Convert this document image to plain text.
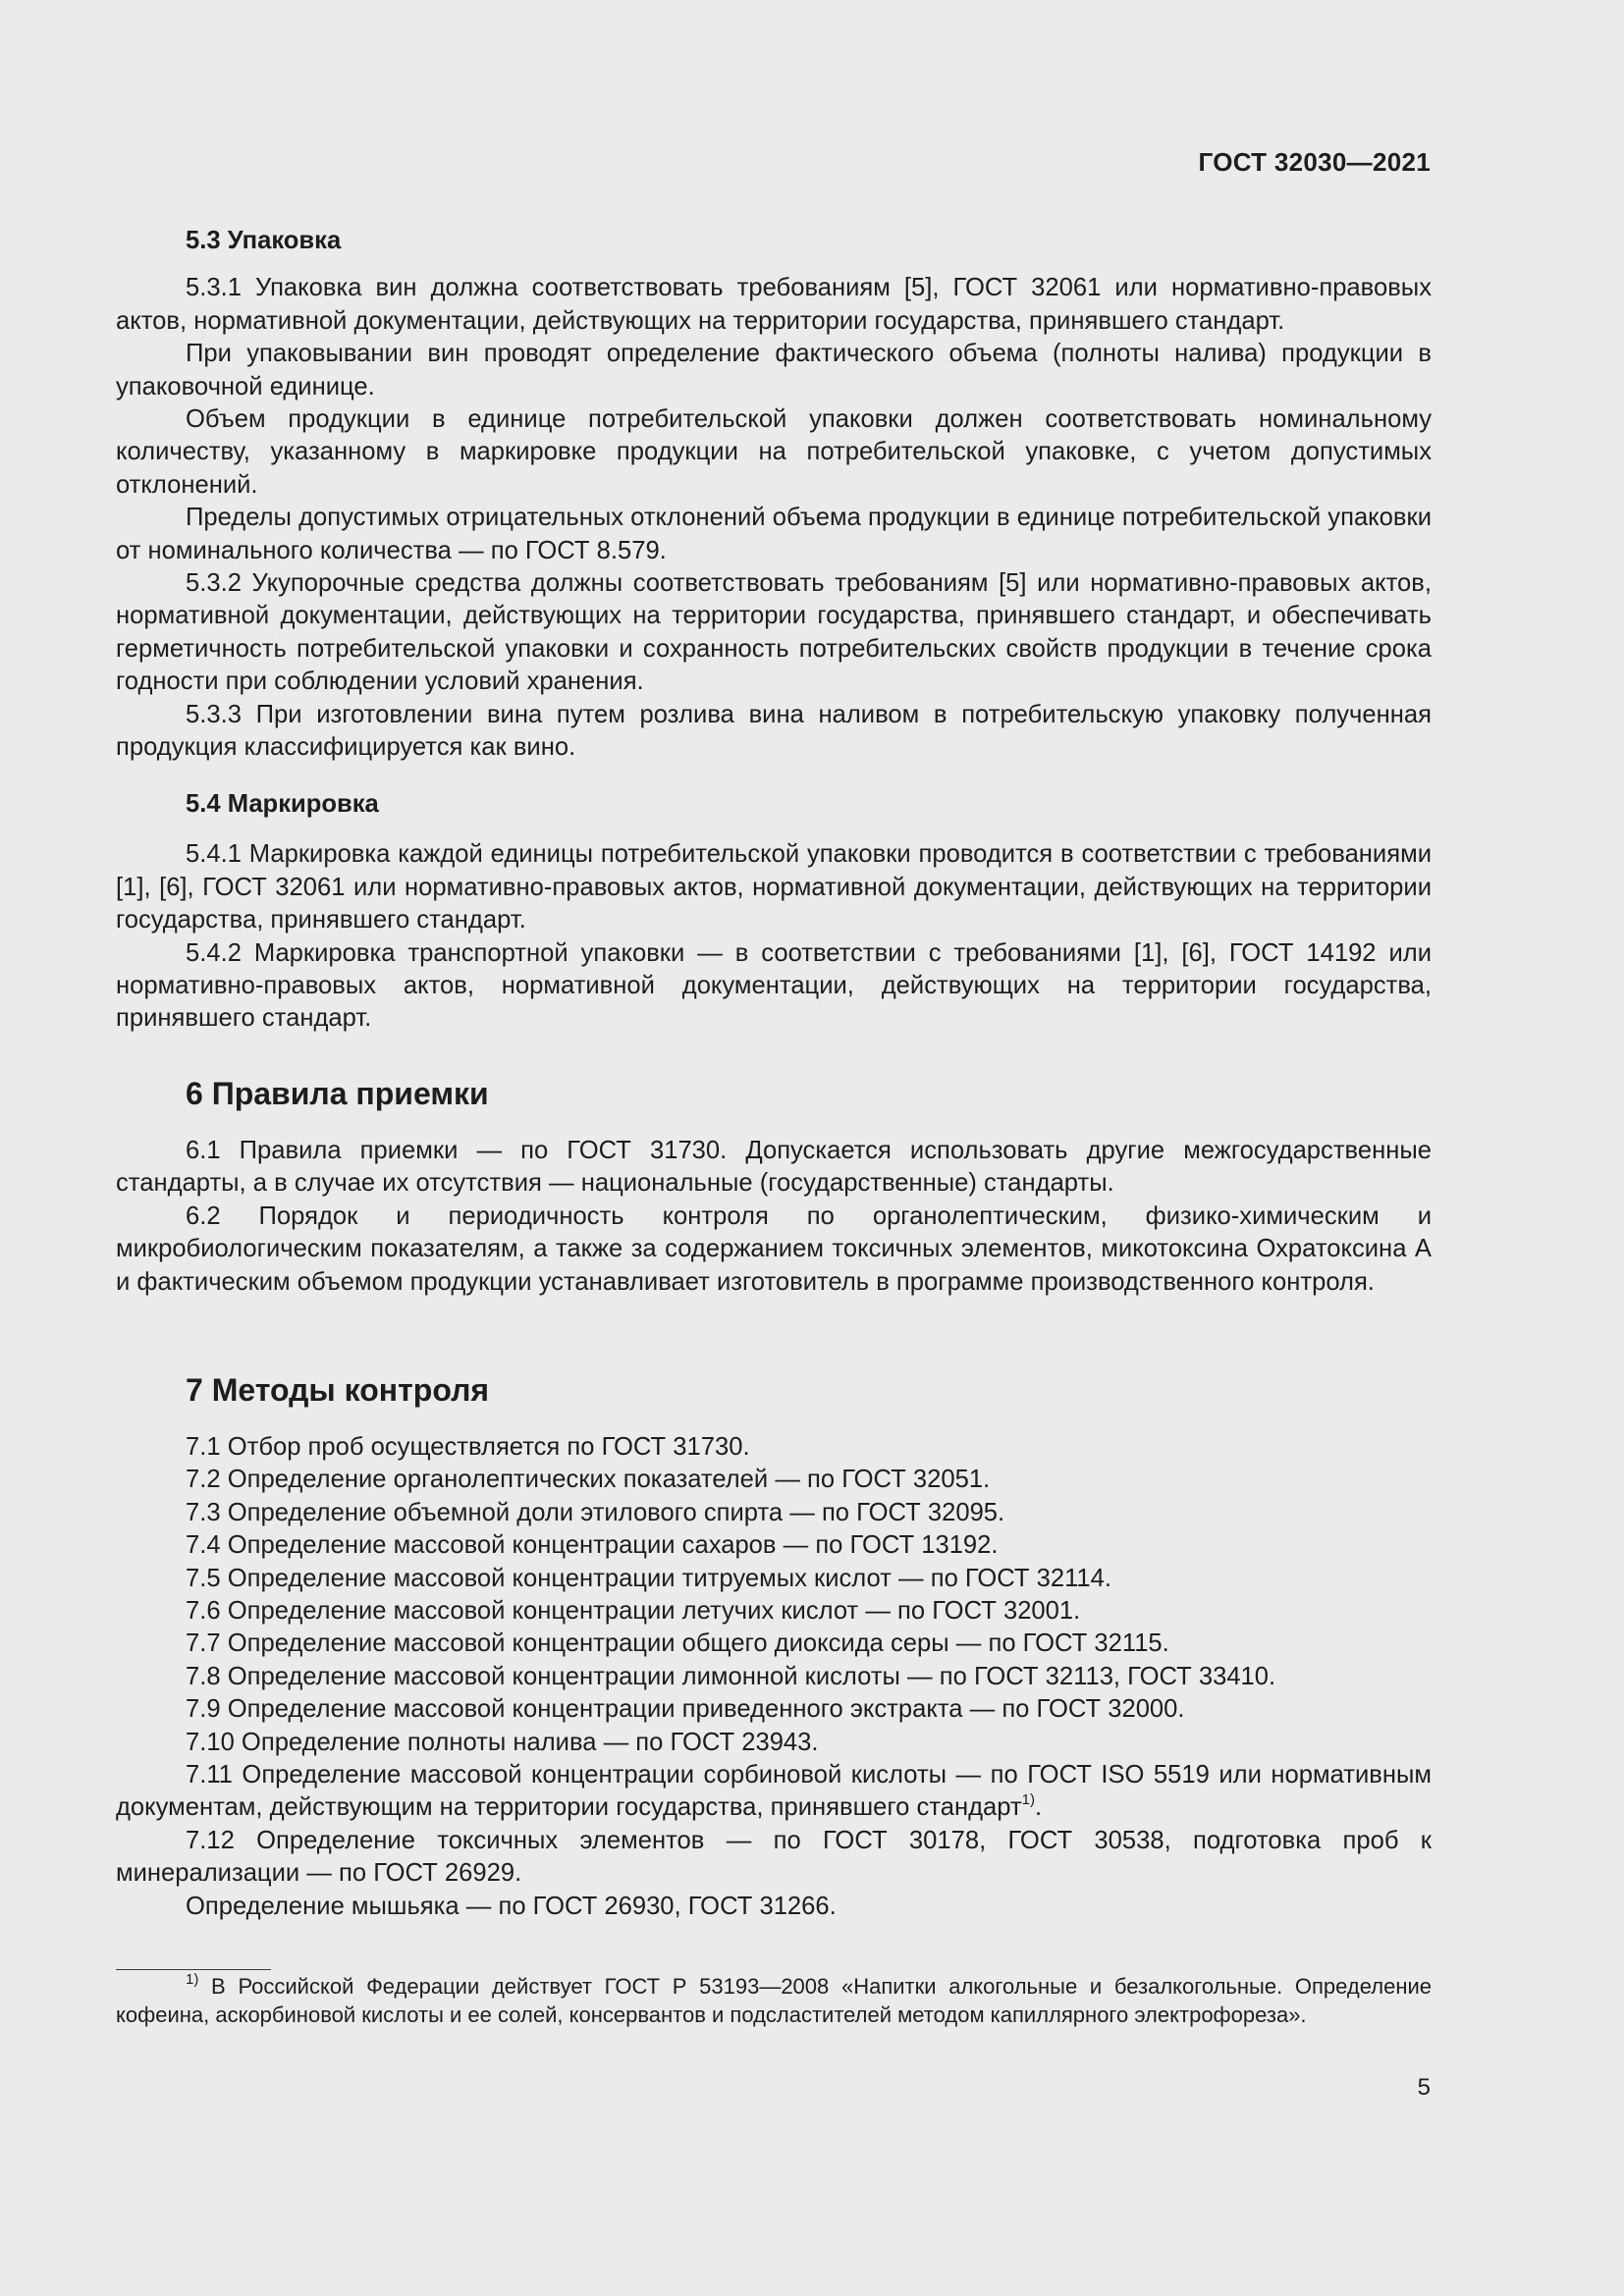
ГОСТ 32030—2021

5.3 Упаковка

5.3.1 Упаковка вин должна соответствовать требованиям [5], ГОСТ 32061 или нормативно-правовых актов, нормативной документации, действующих на территории государства, принявшего стандарт.

При упаковывании вин проводят определение фактического объема (полноты налива) продукции в упаковочной единице.

Объем продукции в единице потребительской упаковки должен соответствовать номинальному количеству, указанному в маркировке продукции на потребительской упаковке, с учетом допустимых отклонений.

Пределы допустимых отрицательных отклонений объема продукции в единице потребительской упаковки от номинального количества — по ГОСТ 8.579.

5.3.2 Укупорочные средства должны соответствовать требованиям [5] или нормативно-правовых актов, нормативной документации, действующих на территории государства, принявшего стандарт, и обеспечивать герметичность потребительской упаковки и сохранность потребительских свойств продукции в течение срока годности при соблюдении условий хранения.

5.3.3 При изготовлении вина путем розлива вина наливом в потребительскую упаковку полученная продукция классифицируется как вино.

5.4 Маркировка

5.4.1 Маркировка каждой единицы потребительской упаковки проводится в соответствии с требованиями [1], [6], ГОСТ 32061 или нормативно-правовых актов, нормативной документации, действующих на территории государства, принявшего стандарт.

5.4.2 Маркировка транспортной упаковки — в соответствии с требованиями [1], [6], ГОСТ 14192 или нормативно-правовых актов, нормативной документации, действующих на территории государства, принявшего стандарт.

6 Правила приемки

6.1 Правила приемки — по ГОСТ 31730. Допускается использовать другие межгосударственные стандарты, а в случае их отсутствия — национальные (государственные) стандарты.

6.2 Порядок и периодичность контроля по органолептическим, физико-химическим и микробиологическим показателям, а также за содержанием токсичных элементов, микотоксина Охратоксина А и фактическим объемом продукции устанавливает изготовитель в программе производственного контроля.

7 Методы контроля

7.1 Отбор проб осуществляется по ГОСТ 31730.

7.2 Определение органолептических показателей — по ГОСТ 32051.

7.3 Определение объемной доли этилового спирта — по ГОСТ 32095.

7.4 Определение массовой концентрации сахаров — по ГОСТ 13192.

7.5 Определение массовой концентрации титруемых кислот — по ГОСТ 32114.

7.6 Определение массовой концентрации летучих кислот — по ГОСТ 32001.

7.7 Определение массовой концентрации общего диоксида серы — по ГОСТ 32115.

7.8 Определение массовой концентрации лимонной кислоты — по ГОСТ 32113, ГОСТ 33410.

7.9 Определение массовой концентрации приведенного экстракта — по ГОСТ 32000.

7.10 Определение полноты налива — по ГОСТ 23943.

7.11 Определение массовой концентрации сорбиновой кислоты — по ГОСТ ISO 5519 или нормативным документам, действующим на территории государства, принявшего стандарт$^{1)}$.

7.12 Определение токсичных элементов — по ГОСТ 30178, ГОСТ 30538, подготовка проб к минерализации — по ГОСТ 26929.

Определение мышьяка — по ГОСТ 26930, ГОСТ 31266.

$^{1)}$ В Российской Федерации действует ГОСТ Р 53193—2008 «Напитки алкогольные и безалкогольные. Определение кофеина, аскорбиновой кислоты и ее солей, консервантов и подсластителей методом капиллярного электрофореза».
5
